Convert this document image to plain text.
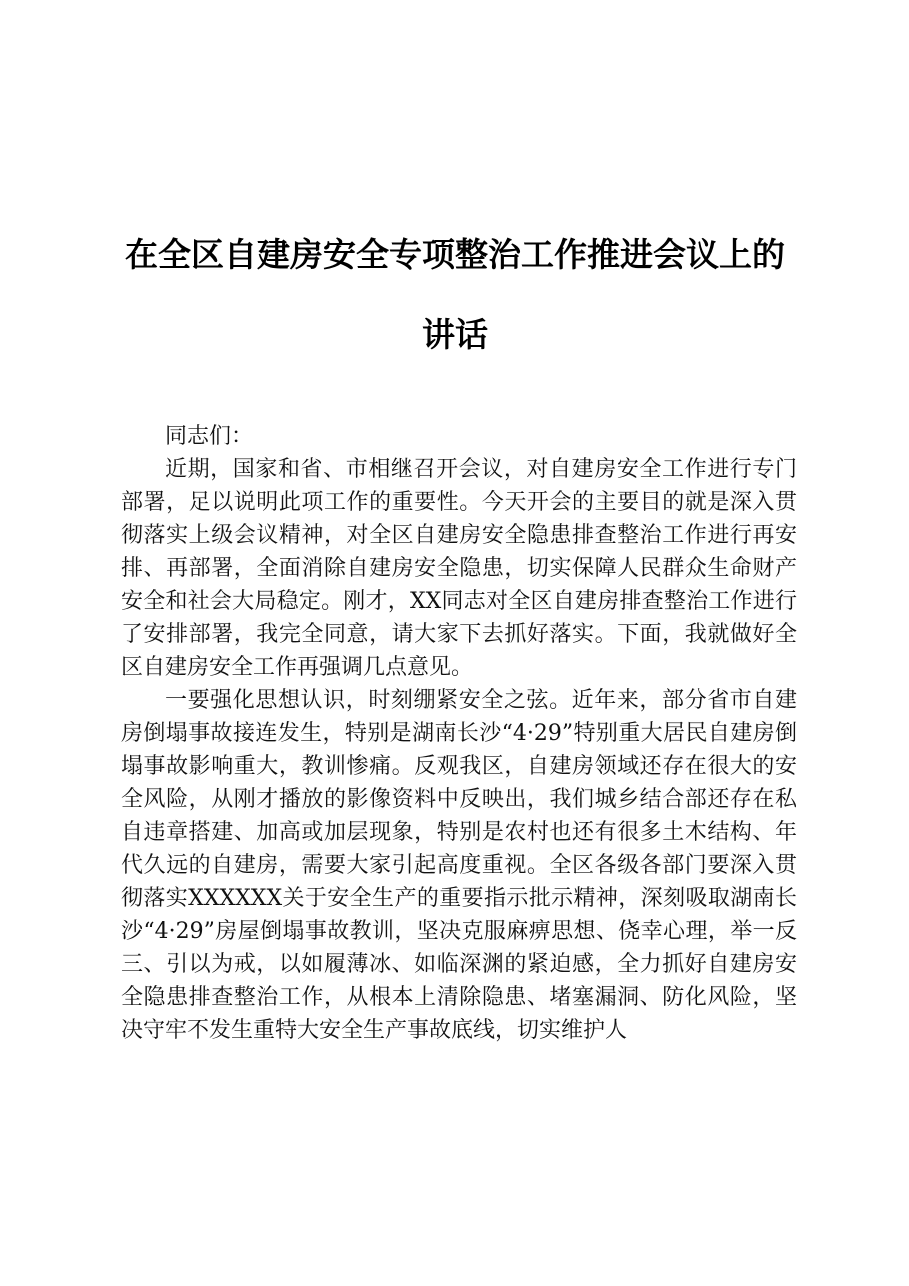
在全区自建房安全专项整治工作推进会议上的讲话

同志们：

近期，国家和省、市相继召开会议，对自建房安全工作进行专门部署，足以说明此项工作的重要性。今天开会的主要目的就是深入贯彻落实上级会议精神，对全区自建房安全隐患排查整治工作进行再安排、再部署，全面消除自建房安全隐患，切实保障人民群众生命财产安全和社会大局稳定。刚才，XX同志对全区自建房排查整治工作进行了安排部署，我完全同意，请大家下去抓好落实。下面，我就做好全区自建房安全工作再强调几点意见。

一要强化思想认识，时刻绷紧安全之弦。近年来，部分省市自建房倒塌事故接连发生，特别是湖南长沙“4·29”特别重大居民自建房倒塌事故影响重大，教训惨痛。反观我区，自建房领域还存在很大的安全风险，从刚才播放的影像资料中反映出，我们城乡结合部还存在私自违章搭建、加高或加层现象，特别是农村也还有很多土木结构、年代久远的自建房，需要大家引起高度重视。全区各级各部门要深入贯彻落实XXXXXX关于安全生产的重要指示批示精神，深刻吸取湖南长沙“4·29”房屋倒塌事故教训，坚决克服麻痹思想、侥幸心理，举一反三、引以为戒，以如履薄冰、如临深渊的紧迫感，全力抓好自建房安全隐患排查整治工作，从根本上清除隐患、堵塞漏洞、防化风险，坚决守牢不发生重特大安全生产事故底线，切实维护人
